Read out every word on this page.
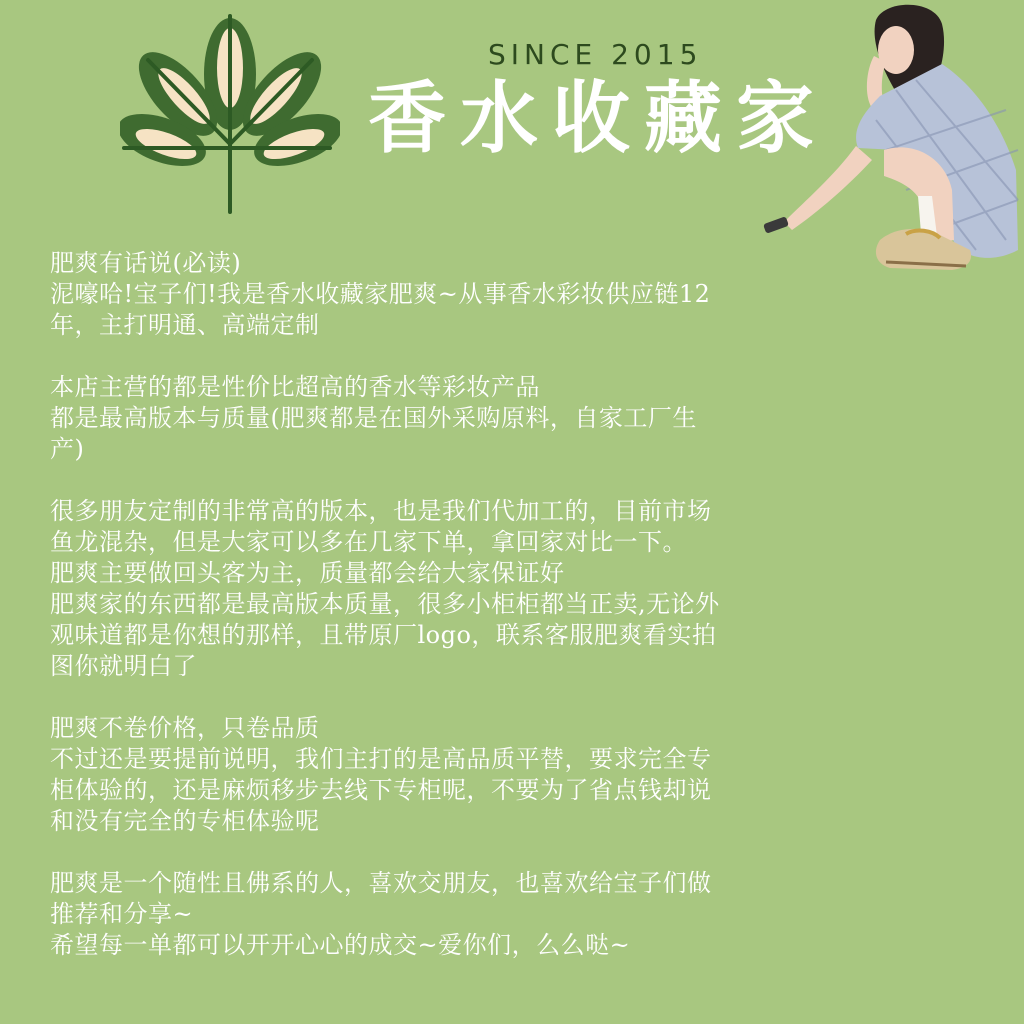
SINCE 2015
香水收藏家
肥爽有话说(必读)
泥嚎哈!宝子们!我是香水收藏家肥爽~从事香水彩妆供应链12
年，主打明通、高端定制
本店主营的都是性价比超高的香水等彩妆产品
都是最高版本与质量(肥爽都是在国外采购原料，自家工厂生
产)
很多朋友定制的非常高的版本，也是我们代加工的，目前市场
鱼龙混杂，但是大家可以多在几家下单，拿回家对比一下。
肥爽主要做回头客为主，质量都会给大家保证好
肥爽家的东西都是最高版本质量，很多小柜柜都当正卖,无论外
观味道都是你想的那样，且带原厂logo，联系客服肥爽看实拍
图你就明白了
肥爽不卷价格，只卷品质
不过还是要提前说明，我们主打的是高品质平替，要求完全专
柜体验的，还是麻烦移步去线下专柜呢，不要为了省点钱却说
和没有完全的专柜体验呢
肥爽是一个随性且佛系的人，喜欢交朋友，也喜欢给宝子们做
推荐和分享~
希望每一单都可以开开心心的成交~爱你们，么么哒~
